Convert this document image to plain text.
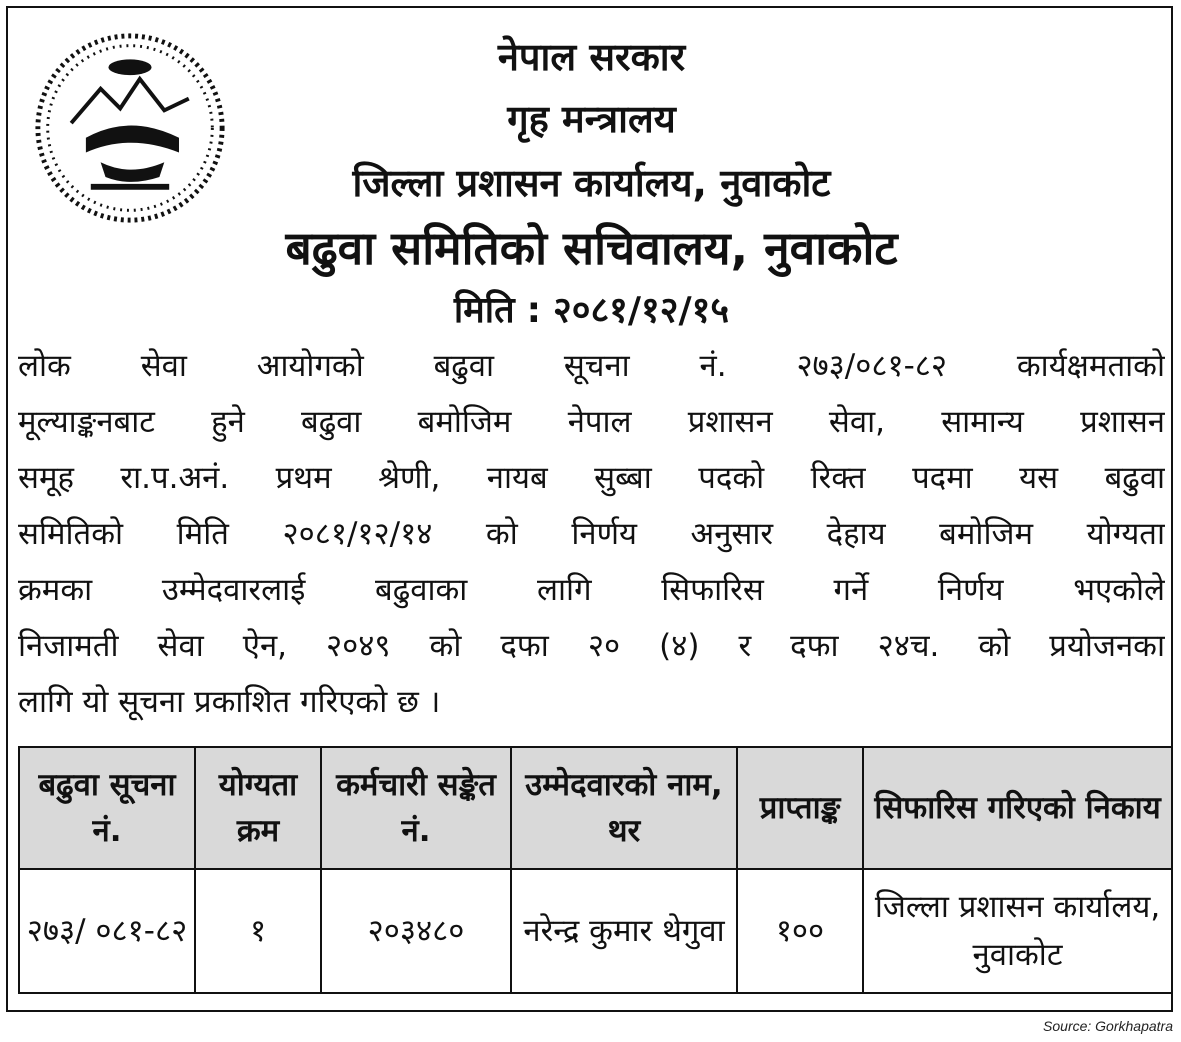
नेपाल सरकार
गृह मन्त्रालय
जिल्ला प्रशासन कार्यालय, नुवाकोट
बढुवा समितिको सचिवालय, नुवाकोट
मिति : २०८१/१२/१५
लोक सेवा आयोगको बढुवा सूचना नं. २७३/०८१-८२ कार्यक्षमताको
मूल्याङ्कनबाट हुने बढुवा बमोजिम नेपाल प्रशासन सेवा, सामान्य प्रशासन
समूह रा.प.अनं. प्रथम श्रेणी, नायब सुब्बा पदको रिक्त पदमा यस बढुवा
समितिको मिति २०८१/१२/१४ को निर्णय अनुसार देहाय बमोजिम योग्यता
क्रमका उम्मेदवारलाई बढुवाका लागि सिफारिस गर्ने निर्णय भएकोले
निजामती सेवा ऐन, २०४९ को दफा २० (४) र दफा २४च. को प्रयोजनका
लागि यो सूचना प्रकाशित गरिएको छ ।
बढुवा सूचना नं.	योग्यता क्रम	कर्मचारी सङ्केत नं.	उम्मेदवारको नाम, थर	प्राप्ताङ्क	सिफारिस गरिएको निकाय
२७३/ ०८१-८२	१	२०३४८०	नरेन्द्र कुमार थेगुवा	१००	जिल्ला प्रशासन कार्यालय, नुवाकोट
Source: Gorkhapatra
